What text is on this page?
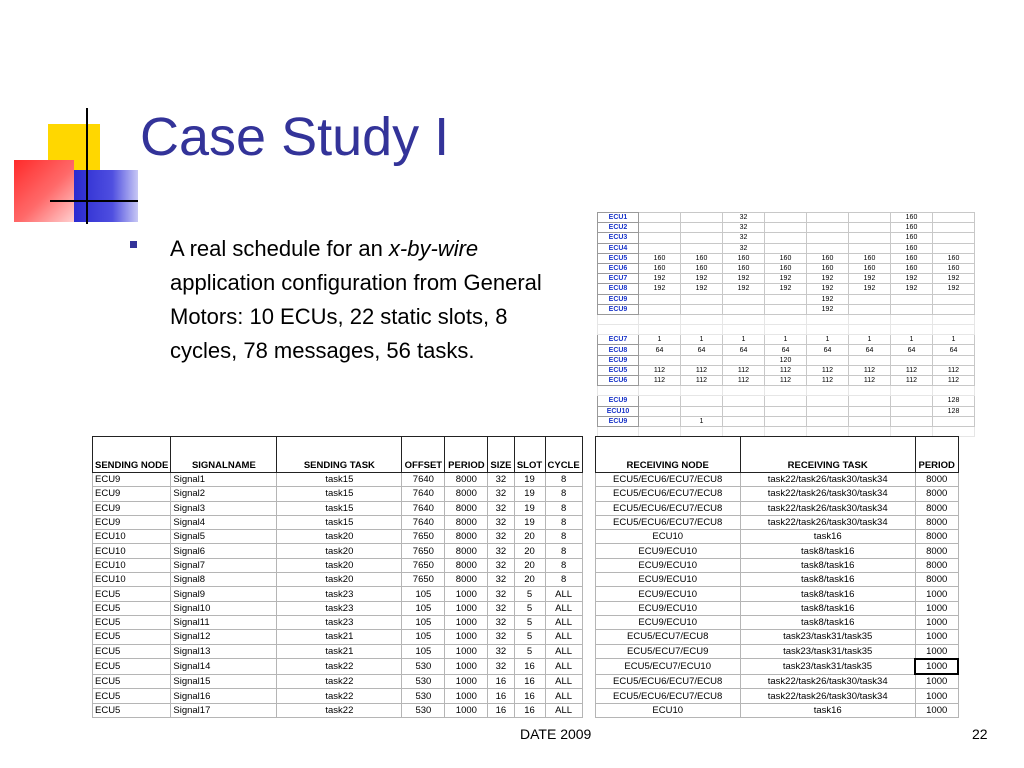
Case Study I
A real schedule for an x-by-wire application configuration from General Motors: 10 ECUs, 22 static slots, 8 cycles, 78 messages, 56 tasks.
ECU1			32				160	
ECU2			32				160	
ECU3			32				160	
ECU4			32				160	
ECU5	160	160	160	160	160	160	160	160
ECU6	160	160	160	160	160	160	160	160
ECU7	192	192	192	192	192	192	192	192
ECU8	192	192	192	192	192	192	192	192
ECU9					192			
ECU9					192			

ECU7	1	1	1	1	1	1	1	1
ECU8	64	64	64	64	64	64	64	64
ECU9				120				
ECU5	112	112	112	112	112	112	112	112
ECU6	112	112	112	112	112	112	112	112

ECU9								128
ECU10								128
ECU9		1						

SENDING NODE	SIGNALNAME	SENDING TASK	OFFSET	PERIOD	SIZE	SLOT	CYCLE		RECEIVING NODE	RECEIVING TASK	PERIOD
ECU9	Signal1	task15	7640	8000	32	19	8		ECU5/ECU6/ECU7/ECU8	task22/task26/task30/task34	8000
ECU9	Signal2	task15	7640	8000	32	19	8		ECU5/ECU6/ECU7/ECU8	task22/task26/task30/task34	8000
ECU9	Signal3	task15	7640	8000	32	19	8		ECU5/ECU6/ECU7/ECU8	task22/task26/task30/task34	8000
ECU9	Signal4	task15	7640	8000	32	19	8		ECU5/ECU6/ECU7/ECU8	task22/task26/task30/task34	8000
ECU10	Signal5	task20	7650	8000	32	20	8		ECU10	task16	8000
ECU10	Signal6	task20	7650	8000	32	20	8		ECU9/ECU10	task8/task16	8000
ECU10	Signal7	task20	7650	8000	32	20	8		ECU9/ECU10	task8/task16	8000
ECU10	Signal8	task20	7650	8000	32	20	8		ECU9/ECU10	task8/task16	8000
ECU5	Signal9	task23	105	1000	32	5	ALL		ECU9/ECU10	task8/task16	1000
ECU5	Signal10	task23	105	1000	32	5	ALL		ECU9/ECU10	task8/task16	1000
ECU5	Signal11	task23	105	1000	32	5	ALL		ECU9/ECU10	task8/task16	1000
ECU5	Signal12	task21	105	1000	32	5	ALL		ECU5/ECU7/ECU8	task23/task31/task35	1000
ECU5	Signal13	task21	105	1000	32	5	ALL		ECU5/ECU7/ECU9	task23/task31/task35	1000
ECU5	Signal14	task22	530	1000	32	16	ALL		ECU5/ECU7/ECU10	task23/task31/task35	1000
ECU5	Signal15	task22	530	1000	16	16	ALL		ECU5/ECU6/ECU7/ECU8	task22/task26/task30/task34	1000
ECU5	Signal16	task22	530	1000	16	16	ALL		ECU5/ECU6/ECU7/ECU8	task22/task26/task30/task34	1000
ECU5	Signal17	task22	530	1000	16	16	ALL		ECU10	task16	1000
DATE 2009	22
